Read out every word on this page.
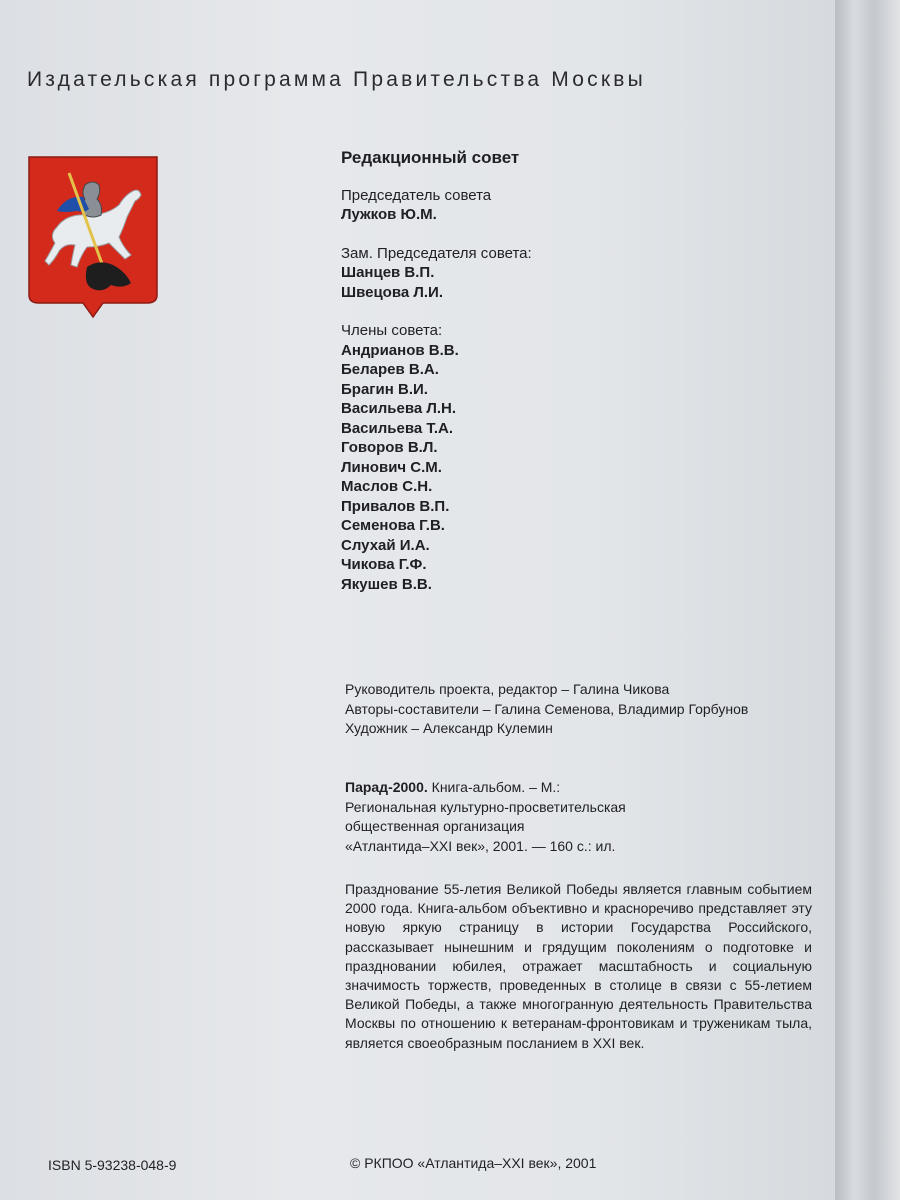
Издательская программа Правительства Москвы
Редакционный совет
Председатель совета
Лужков Ю.М.
Зам. Председателя совета:
Шанцев В.П.
Швецова Л.И.
Члены совета:
Андрианов В.В.
Беларев В.А.
Брагин В.И.
Васильева Л.Н.
Васильева Т.А.
Говоров В.Л.
Линович С.М.
Маслов С.Н.
Привалов В.П.
Семенова Г.В.
Слухай И.А.
Чикова Г.Ф.
Якушев В.В.
Руководитель проекта, редактор – Галина Чикова
Авторы-составители – Галина Семенова, Владимир Горбунов
Художник – Александр Кулемин
Парад-2000. Книга-альбом. – М.:
Региональная культурно-просветительская
общественная организация
«Атлантида–XXI век», 2001. — 160 с.: ил.
Празднование 55-летия Великой Победы является главным событием 2000 года. Книга-альбом объективно и красноречиво представляет эту новую яркую страницу в истории Государства Российского, рассказывает нынешним и грядущим поколениям о подготовке и праздновании юбилея, отражает масштабность и социальную значимость торжеств, проведенных в столице в связи с 55-летием Великой Победы, а также многогранную деятельность Правительства Москвы по отношению к ветеранам-фронтовикам и труженикам тыла, является своеобразным посланием в XXI век.
ISBN 5-93238-048-9	© РКПОО «Атлантида–XXI век», 2001
